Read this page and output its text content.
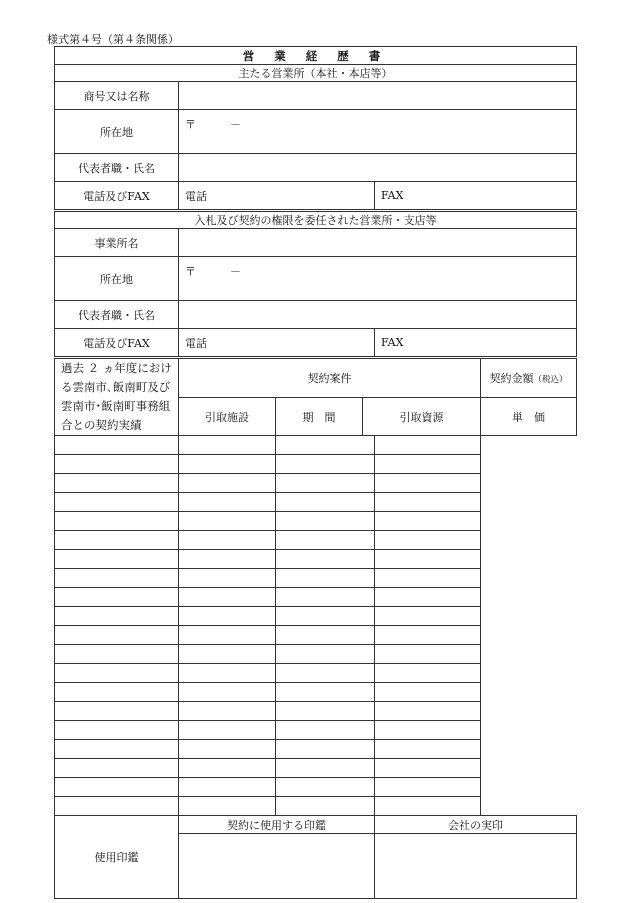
様式第４号（第４条関係）
営 業 経 歴 書					
主たる営業所（本社・本店等）					
商号又は名称					
所在地	〒 －				
代表者職・氏名					
電話及びFAX	電話			FAX	
入札及び契約の権限を委任された営業所・支店等					
事業所名					
所在地	〒 －				
代表者職・氏名					
電話及びFAX	電話			FAX	
過去 ２ ヵ年度における雲南市､飯南町及び雲南市･飯南町事務組合との契約実績	契約案件				契約金額（税込）
	引取施設	期　間	引取資源		単　価

使用印鑑	契約に使用する印鑑			会社の実印	
